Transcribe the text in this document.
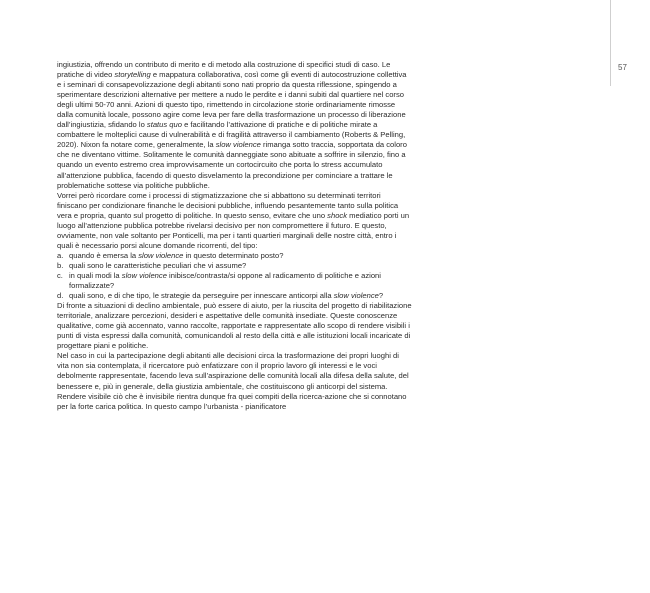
57

ingiustizia, offrendo un contributo di merito e di metodo alla costruzione di specifici studi di caso. Le pratiche di video storytelling e mappatura collaborativa, così come gli eventi di autocostruzione collettiva e i seminari di consapevolizzazione degli abitanti sono nati proprio da questa riflessione, spingendo a sperimentare descrizioni alternative per mettere a nudo le perdite e i danni subiti dal quartiere nel corso degli ultimi 50-70 anni. Azioni di questo tipo, rimettendo in circolazione storie ordinariamente rimosse dalla comunità locale, possono agire come leva per fare della trasformazione un processo di liberazione dall’ingiustizia, sfidando lo status quo e facilitando l’attivazione di pratiche e di politiche mirate a combattere le molteplici cause di vulnerabilità e di fragilità attraverso il cambiamento (Roberts & Pelling, 2020). Nixon fa notare come, generalmente, la slow violence rimanga sotto traccia, sopportata da coloro che ne diventano vittime. Solitamente le comunità danneggiate sono abituate a soffrire in silenzio, fino a quando un evento estremo crea improvvisamente un cortocircuito che porta lo stress accumulato all’attenzione pubblica, facendo di questo disvelamento la precondizione per cominciare a trattare le problematiche sottese via politiche pubbliche.

Vorrei però ricordare come i processi di stigmatizzazione che si abbattono su determinati territori finiscano per condizionare finanche le decisioni pubbliche, influendo pesantemente tanto sulla politica vera e propria, quanto sul progetto di politiche. In questo senso, evitare che uno shock mediatico porti un luogo all’attenzione pubblica potrebbe rivelarsi decisivo per non compromettere il futuro. E questo, ovviamente, non vale soltanto per Ponticelli, ma per i tanti quartieri marginali delle nostre città, entro i quali è necessario porsi alcune domande ricorrenti, del tipo:

a. quando è emersa la slow violence in questo determinato posto?
b. quali sono le caratteristiche peculiari che vi assume?
c. in quali modi la slow violence inibisce/contrasta/si oppone al radicamento di politiche e azioni formalizzate?
d. quali sono, e di che tipo, le strategie da perseguire per innescare anticorpi alla slow violence?

Di fronte a situazioni di declino ambientale, può essere di aiuto, per la riuscita del progetto di riabilitazione territoriale, analizzare percezioni, desideri e aspettative delle comunità insediate. Queste conoscenze qualitative, come già accennato, vanno raccolte, rapportate e rappresentate allo scopo di rendere visibili i punti di vista espressi dalla comunità, comunicandoli al resto della città e alle istituzioni locali incaricate di progettare piani e politiche.

Nel caso in cui la partecipazione degli abitanti alle decisioni circa la trasformazione dei propri luoghi di vita non sia contemplata, il ricercatore può enfatizzare con il proprio lavoro gli interessi e le voci debolmente rappresentate, facendo leva sull’aspirazione delle comunità locali alla difesa della salute, del benessere e, più in generale, della giustizia ambientale, che costituiscono gli anticorpi del sistema.

Rendere visibile ciò che è invisibile rientra dunque fra quei compiti della ricerca-azione che si connotano per la forte carica politica. In questo campo l’urbanista - pianificatore
